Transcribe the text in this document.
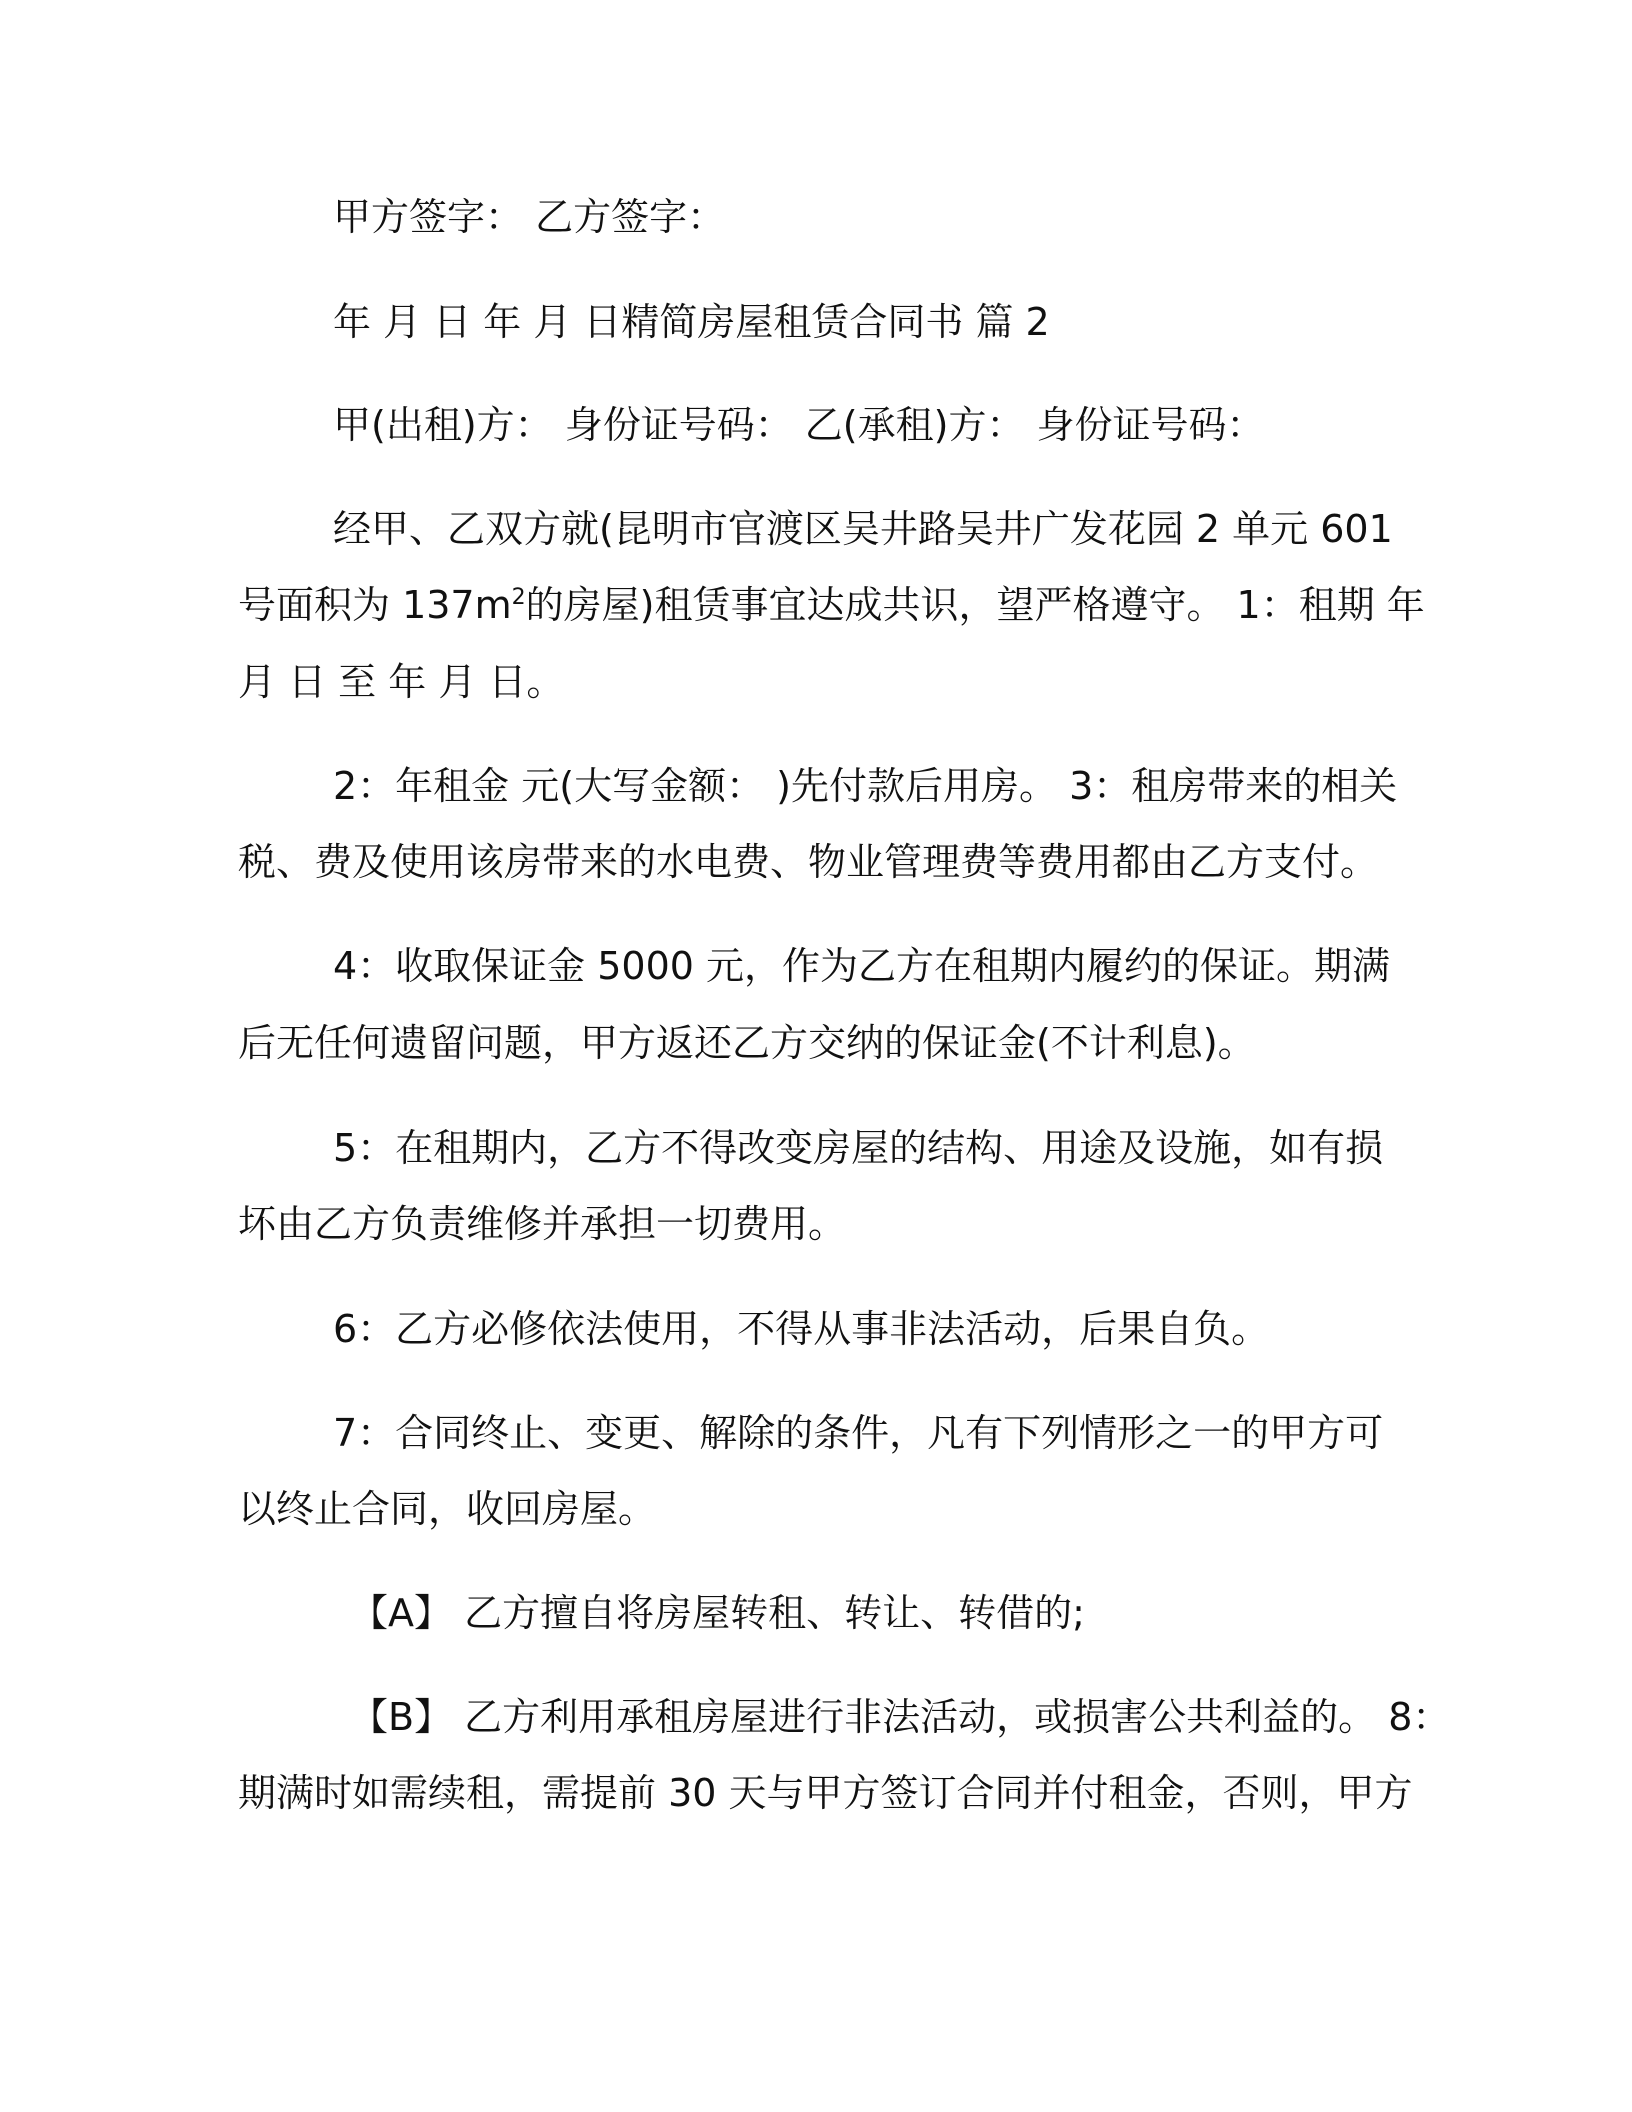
甲方签字： 乙方签字：
年 月 日 年 月 日精简房屋租赁合同书 篇 2
甲(出租)方： 身份证号码： 乙(承租)方： 身份证号码：
经甲、乙双方就(昆明市官渡区吴井路吴井广发花园 2 单元 601
号面积为 $137m^2$的房屋)租赁事宜达成共识，望严格遵守。 1：租期 年
月 日 至 年 月 日。
2：年租金 元(大写金额： )先付款后用房。 3：租房带来的相关
税、费及使用该房带来的水电费、物业管理费等费用都由乙方支付。
4：收取保证金 5000 元，作为乙方在租期内履约的保证。期满
后无任何遗留问题，甲方返还乙方交纳的保证金(不计利息)。
5：在租期内，乙方不得改变房屋的结构、用途及设施，如有损
坏由乙方负责维修并承担一切费用。
6：乙方必修依法使用，不得从事非法活动，后果自负。
7：合同终止、变更、解除的条件，凡有下列情形之一的甲方可
以终止合同，收回房屋。
【A】 乙方擅自将房屋转租、转让、转借的;
【B】 乙方利用承租房屋进行非法活动，或损害公共利益的。 8：
期满时如需续租，需提前 30 天与甲方签订合同并付租金，否则，甲方
